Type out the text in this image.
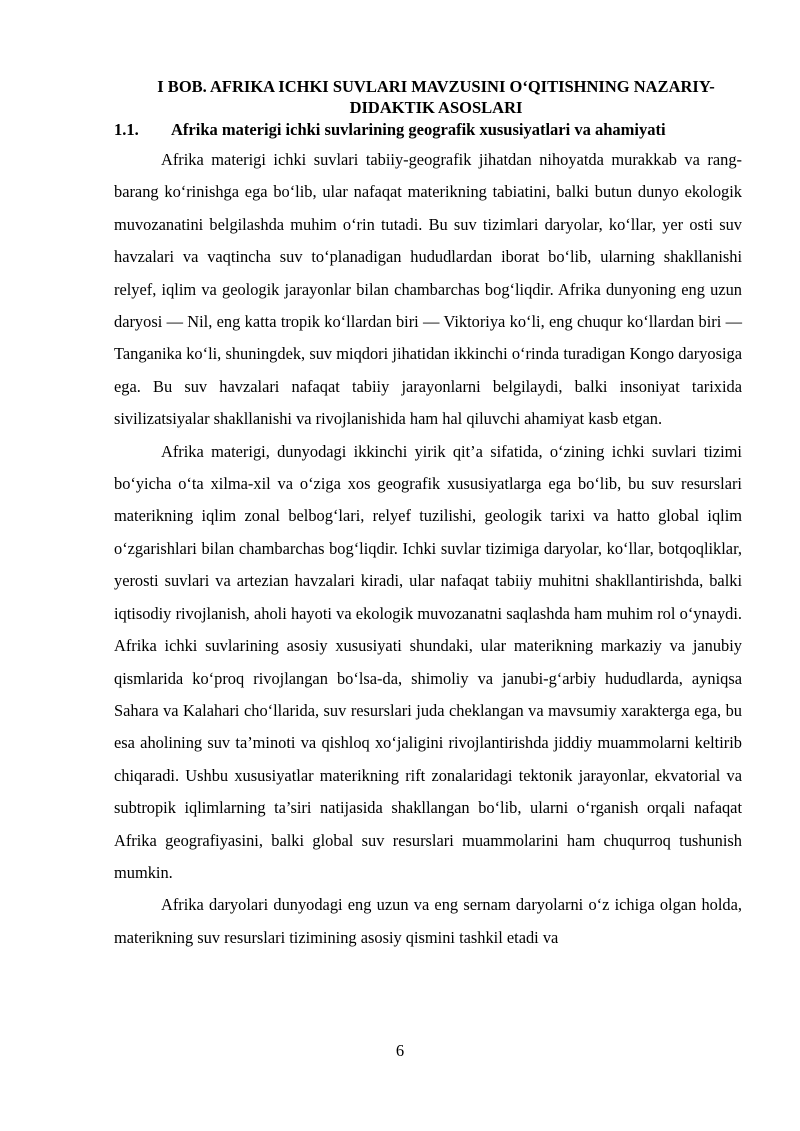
I BOB. AFRIKA ICHKI SUVLARI MAVZUSINI O‘QITISHNING NAZARIY-DIDAKTIK ASOSLARI
1.1.	Afrika materigi ichki suvlarining geografik xususiyatlari va ahamiyati

Afrika materigi ichki suvlari tabiiy-geografik jihatdan nihoyatda murakkab va rang-barang ko‘rinishga ega bo‘lib, ular nafaqat materikning tabiatini, balki butun dunyo ekologik muvozanatini belgilashda muhim o‘rin tutadi. Bu suv tizimlari daryolar, ko‘llar, yer osti suv havzalari va vaqtincha suv to‘planadigan hududlardan iborat bo‘lib, ularning shakllanishi relyef, iqlim va geologik jarayonlar bilan chambarchas bog‘liqdir. Afrika dunyoning eng uzun daryosi — Nil, eng katta tropik ko‘llardan biri — Viktoriya ko‘li, eng chuqur ko‘llardan biri — Tanganika ko‘li, shuningdek, suv miqdori jihatidan ikkinchi o‘rinda turadigan Kongo daryosiga ega. Bu suv havzalari nafaqat tabiiy jarayonlarni belgilaydi, balki insoniyat tarixida sivilizatsiyalar shakllanishi va rivojlanishida ham hal qiluvchi ahamiyat kasb etgan.

Afrika materigi, dunyodagi ikkinchi yirik qit’a sifatida, o‘zining ichki suvlari tizimi bo‘yicha o‘ta xilma-xil va o‘ziga xos geografik xususiyatlarga ega bo‘lib, bu suv resurslari materikning iqlim zonal belbog‘lari, relyef tuzilishi, geologik tarixi va hatto global iqlim o‘zgarishlari bilan chambarchas bog‘liqdir. Ichki suvlar tizimiga daryolar, ko‘llar, botqoqliklar, yerosti suvlari va artezian havzalari kiradi, ular nafaqat tabiiy muhitni shakllantirishda, balki iqtisodiy rivojlanish, aholi hayoti va ekologik muvozanatni saqlashda ham muhim rol o‘ynaydi. Afrika ichki suvlarining asosiy xususiyati shundaki, ular materikning markaziy va janubiy qismlarida ko‘proq rivojlangan bo‘lsa-da, shimoliy va janubi-g‘arbiy hududlarda, ayniqsa Sahara va Kalahari cho‘llarida, suv resurslari juda cheklangan va mavsumiy xarakterga ega, bu esa aholining suv ta’minoti va qishloq xo‘jaligini rivojlantirishda jiddiy muammolarni keltirib chiqaradi. Ushbu xususiyatlar materikning rift zonalaridagi tektonik jarayonlar, ekvatorial va subtropik iqlimlarning ta’siri natijasida shakllangan bo‘lib, ularni o‘rganish orqali nafaqat Afrika geografiyasini, balki global suv resurslari muammolarini ham chuqurroq tushunish mumkin.

Afrika daryolari dunyodagi eng uzun va eng sernam daryolarni o‘z ichiga olgan holda, materikning suv resurslari tizimining asosiy qismini tashkil etadi va

6
